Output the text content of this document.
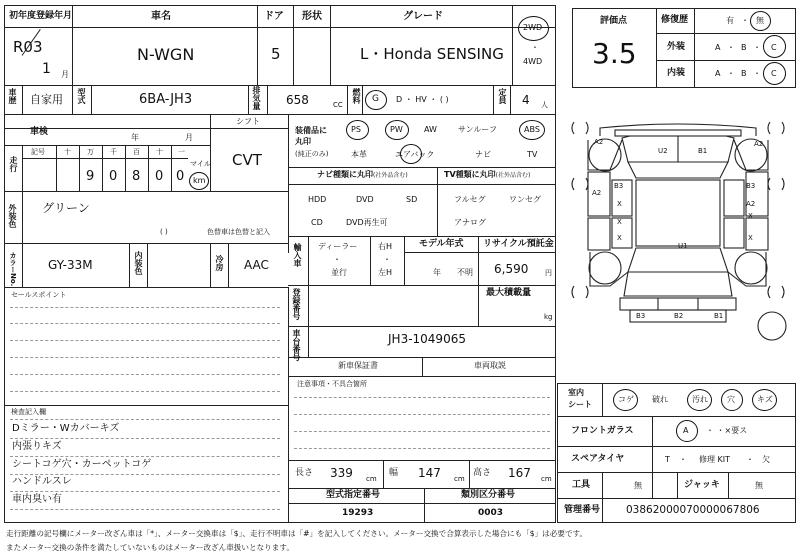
初年度登録年月
R03
1 月
車名
N-WGN
ドア
5
形状	グレード
L・Honda SENSING
2WD
・
4WD
車歴 自家用 型式	6BA-JH3	排気量 658	CC
燃料 G D ・ HV ・ ( )	定員 4 人
車検
年	月
シフト
CVT
走行
記号	十 万 千 百 十 一
9 0 8 0 0
マイル
km
装備品に
丸印
(純正のみ)
PS	PW	AW	サンルーフ	ABS
本革	エアバック	ナビ	TV
ナビ種類に丸印(社外品含む)
HDD	DVD	SD
CD	DVD再生可
TV種類に丸印(社外品含む)
フルセグ	ワンセグ
アナログ
外装色 グリーン
( )	色替車は色替と記入
カラーNo.	GY-33M	内装色	冷房 AAC	輸入車 ディーラー
・
並行
右H
・
左H
モデル年式
年 不明
リサイクル預託金
6,590 円
セールスポイント	登録番号	最大積載量
kg
車台番号	JH3-1049065
新車保証書	車両取説
注意事項・不具合箇所
検査記入欄
Dミラー・Wカバーキズ
内張りキズ
シートコゲ穴・カーペットコゲ
ハンドルスレ
車内臭い有
長さ 339 cm
幅 147 cm
高さ 167 cm
型式指定番号
19293
類別区分番号
0003
走行距離の記号欄にメーター改ざん車は「*」、メーター交換車は「$」、走行不明車は「#」を記入してください。メーター交換で合算表示した場合にも「$」は必要です。
またメーター交換の条件を満たしていないものはメーター改ざん車扱いとなります。
評価点
3.5
修復歴	有 ・ 無
外装	A ・ B ・ C
内装	A ・ B ・ C
U2	B1
A2	A2
B3
A2
X
X
B3
A2
X
X
U1
X
B3	B2	B1
室内
シート
コゲ 破れ	汚れ 穴	キズ
フロントガラス	A ・ ・×要ス
スペアタイヤ	T ・ 修理 KIT ・ 欠
工具	無	ジャッキ	無
管理番号 03862000070000067806
